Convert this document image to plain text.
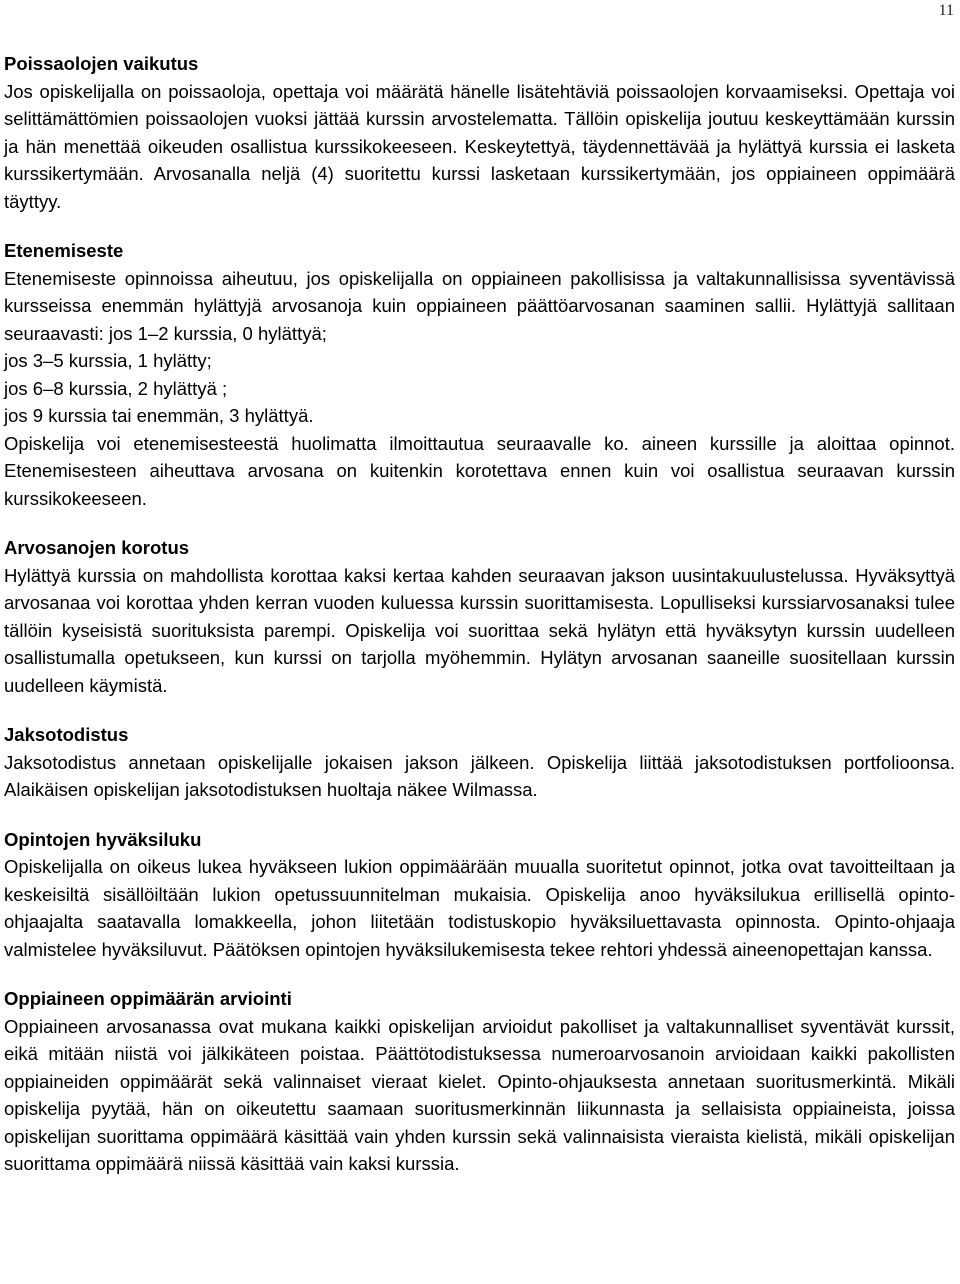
11
Poissaolojen vaikutus

Jos opiskelijalla on poissaoloja, opettaja voi määrätä hänelle lisätehtäviä poissaolojen korvaamiseksi. Opettaja voi selittämättömien poissaolojen vuoksi jättää kurssin arvostelematta. Tällöin opiskelija joutuu keskeyttämään kurssin ja hän menettää oikeuden osallistua kurssikokeeseen. Keskeytettyä, täydennettävää ja hylättyä kurssia ei lasketa kurssikertymään. Arvosanalla neljä (4) suoritettu kurssi lasketaan kurssikertymään, jos oppiaineen oppimäärä täyttyy.

Etenemiseste

Etenemiseste opinnoissa aiheutuu, jos opiskelijalla on oppiaineen pakollisissa ja valtakunnallisissa syventävissä kursseissa enemmän hylättyjä arvosanoja kuin oppiaineen päättöarvosanan saaminen sallii. Hylättyjä sallitaan seuraavasti: jos 1–2 kurssia, 0 hylättyä;

jos 3–5 kurssia, 1 hylätty;

jos 6–8 kurssia, 2 hylättyä ;

jos 9 kurssia tai enemmän, 3 hylättyä.

Opiskelija voi etenemisesteestä huolimatta ilmoittautua seuraavalle ko. aineen kurssille ja aloittaa opinnot. Etenemisesteen aiheuttava arvosana on kuitenkin korotettava ennen kuin voi osallistua seuraavan kurssin kurssikokeeseen.

Arvosanojen korotus

Hylättyä kurssia on mahdollista korottaa kaksi kertaa kahden seuraavan jakson uusintakuulustelussa. Hyväksyttyä arvosanaa voi korottaa yhden kerran vuoden kuluessa kurssin suorittamisesta. Lopulliseksi kurssiarvosanaksi tulee tällöin kyseisistä suorituksista parempi. Opiskelija voi suorittaa sekä hylätyn että hyväksytyn kurssin uudelleen osallistumalla opetukseen, kun kurssi on tarjolla myöhemmin. Hylätyn arvosanan saaneille suositellaan kurssin uudelleen käymistä.

Jaksotodistus

Jaksotodistus annetaan opiskelijalle jokaisen jakson jälkeen. Opiskelija liittää jaksotodistuksen portfolioonsa. Alaikäisen opiskelijan jaksotodistuksen huoltaja näkee Wilmassa.

Opintojen hyväksiluku

Opiskelijalla on oikeus lukea hyväkseen lukion oppimäärään muualla suoritetut opinnot, jotka ovat tavoitteiltaan ja keskeisiltä sisällöiltään lukion opetussuunnitelman mukaisia. Opiskelija anoo hyväksilukua erillisellä opinto-ohjaajalta saatavalla lomakkeella, johon liitetään todistuskopio hyväksiluettavasta opinnosta. Opinto-ohjaaja valmistelee hyväksiluvut. Päätöksen opintojen hyväksilukemisesta tekee rehtori yhdessä aineenopettajan kanssa.

Oppiaineen oppimäärän arviointi

Oppiaineen arvosanassa ovat mukana kaikki opiskelijan arvioidut pakolliset ja valtakunnalliset syventävät kurssit, eikä mitään niistä voi jälkikäteen poistaa. Päättötodistuksessa numeroarvosanoin arvioidaan kaikki pakollisten oppiaineiden oppimäärät sekä valinnaiset vieraat kielet. Opinto-ohjauksesta annetaan suoritusmerkintä. Mikäli opiskelija pyytää, hän on oikeutettu saamaan suoritusmerkinnän liikunnasta ja sellaisista oppiaineista, joissa opiskelijan suorittama oppimäärä käsittää vain yhden kurssin sekä valinnaisista vieraista kielistä, mikäli opiskelijan suorittama oppimäärä niissä käsittää vain kaksi kurssia.
